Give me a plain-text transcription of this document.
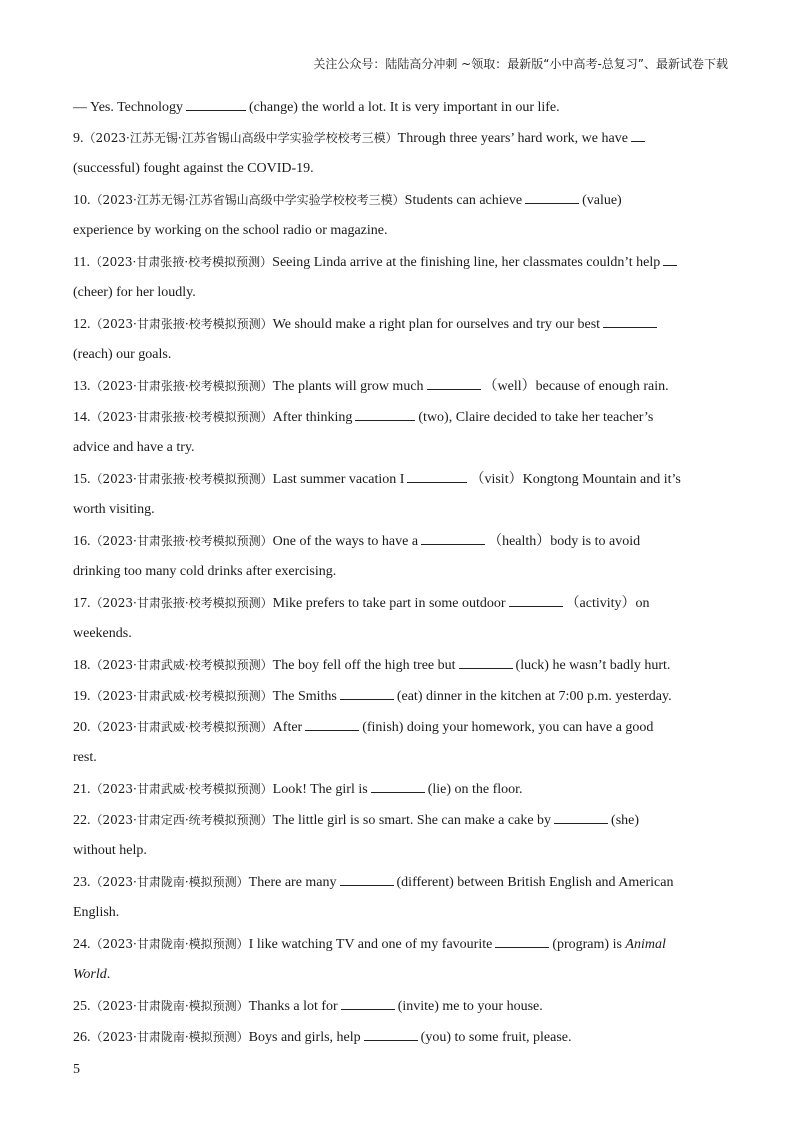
关注公众号：陆陆高分冲刺 ~领取：最新版“小中高考-总复习”、最新试卷下载
— Yes. Technology	(change) the world a lot. It is very important in our life.
9.（2023·江苏无锡·江苏省锡山高级中学实验学校校考三模）Through three years’ hard work, we have
(successful) fought against the COVID-19.
10.（2023·江苏无锡·江苏省锡山高级中学实验学校校考三模）Students can achieve	(value)
experience by working on the school radio or magazine.
11.（2023·甘肃张掖·校考模拟预测）Seeing Linda arrive at the finishing line, her classmates couldn’t help
(cheer) for her loudly.
12.（2023·甘肃张掖·校考模拟预测）We should make a right plan for ourselves and try our best
(reach) our goals.
13.（2023·甘肃张掖·校考模拟预测）The plants will grow much	（well）because of enough rain.
14.（2023·甘肃张掖·校考模拟预测）After thinking	(two), Claire decided to take her teacher’s
advice and have a try.
15.（2023·甘肃张掖·校考模拟预测）Last summer vacation I	（visit）Kongtong Mountain and it’s
worth visiting.
16.（2023·甘肃张掖·校考模拟预测）One of the ways to have a	（health）body is to avoid
drinking too many cold drinks after exercising.
17.（2023·甘肃张掖·校考模拟预测）Mike prefers to take part in some outdoor	（activity）on
weekends.
18.（2023·甘肃武威·校考模拟预测）The boy fell off the high tree but	(luck) he wasn’t badly hurt.
19.（2023·甘肃武威·校考模拟预测）The Smiths	(eat) dinner in the kitchen at 7:00 p.m. yesterday.
20.（2023·甘肃武威·校考模拟预测）After	(finish) doing your homework, you can have a good
rest.
21.（2023·甘肃武威·校考模拟预测）Look! The girl is	(lie) on the floor.
22.（2023·甘肃定西·统考模拟预测）The little girl is so smart. She can make a cake by	(she)
without help.
23.（2023·甘肃陇南·模拟预测）There are many	(different) between British English and American
English.
24.（2023·甘肃陇南·模拟预测）I like watching TV and one of my favourite	(program) is Animal
World.
25.（2023·甘肃陇南·模拟预测）Thanks a lot for	(invite) me to your house.
26.（2023·甘肃陇南·模拟预测）Boys and girls, help	(you) to some fruit, please.
5
